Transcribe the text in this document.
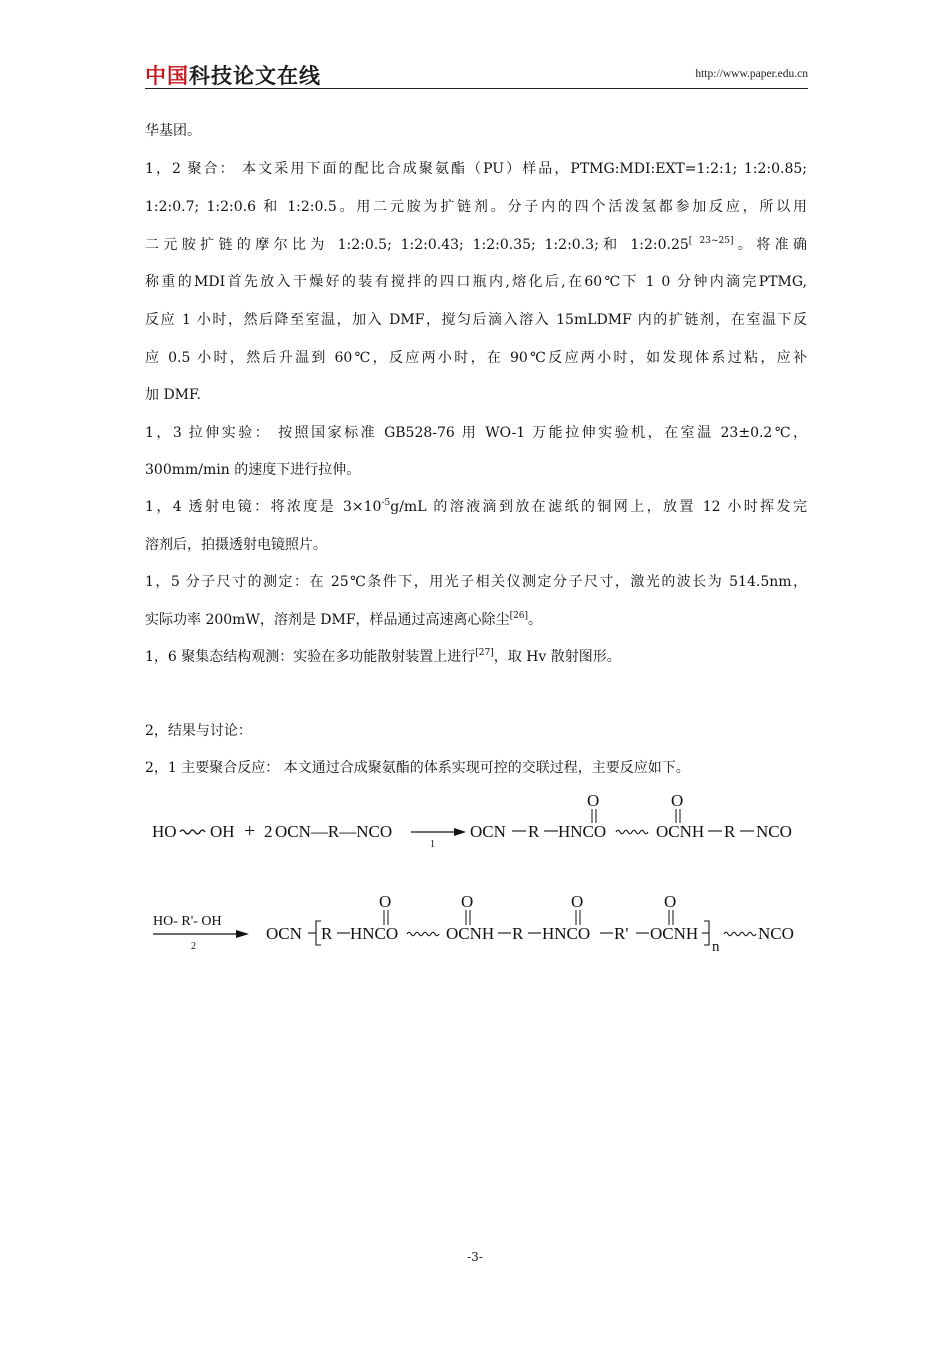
中国科技论文在线	http://www.paper.edu.cn
华基团。
1，2 聚合： 本文采用下面的配比合成聚氨酯（PU）样品，PTMG:MDI:EXT=1:2:1; 1:2:0.85;
1:2:0.7; 1:2:0.6 和 1:2:0.5。用二元胺为扩链剂。分子内的四个活泼氢都参加反应，所以用
二元胺扩链的摩尔比为 1:2:0.5; 1:2:0.43; 1:2:0.35; 1:2:0.3;和 1:2:0.25[ 23~25]。将准确
称重的MDI首先放入干燥好的装有搅拌的四口瓶内,熔化后,在60℃下 1 0 分钟内滴完PTMG,
反应 1 小时，然后降至室温，加入 DMF，搅匀后滴入溶入 15mLDMF 内的扩链剂，在室温下反
应 0.5 小时，然后升温到 60℃，反应两小时，在 90℃反应两小时，如发现体系过粘，应补
加 DMF.
1，3 拉伸实验： 按照国家标准 GB528-76 用 WO-1 万能拉伸实验机，在室温 23±0.2℃，
300mm/min 的速度下进行拉伸。
1，4 透射电镜：将浓度是 $3\times 10^{-5}g/mL$ 的溶液滴到放在滤纸的铜网上，放置 12 小时挥发完
溶剂后，拍摄透射电镜照片。
1，5 分子尺寸的测定：在 25℃条件下，用光子相关仪测定分子尺寸，激光的波长为 514.5nm，
实际功率 200mW，溶剂是 DMF，样品通过高速离心除尘[26]。
1，6 聚集态结构观测：实验在多功能散射装置上进行[27]，取 Hv 散射图形。
2，结果与讨论：
2，1 主要聚合反应： 本文通过合成聚氨酯的体系实现可控的交联过程，主要反应如下。
HO OH + 2 OCN—R—NCO
1
OCN R HNCO
O
OCNH
O
R NCO
HO- R'- OH
2
OCN R HNCO
O
OCNH
O
R HNCO
O
R' OCNH
O
n
NCO
-3-
